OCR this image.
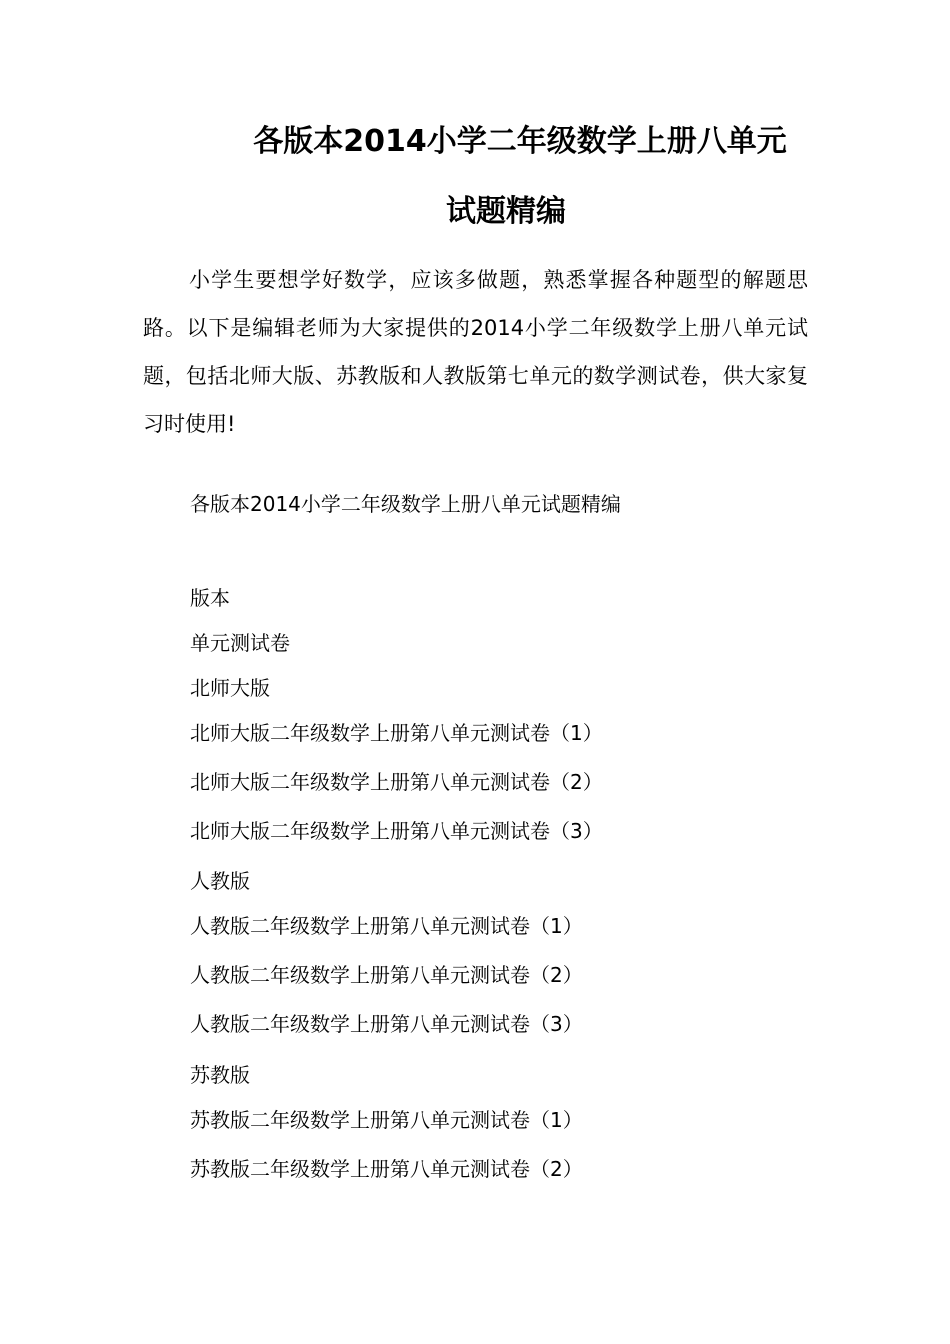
各版本2014小学二年级数学上册八单元
试题精编

小学生要想学好数学，应该多做题，熟悉掌握各种题型的解题思路。以下是编辑老师为大家提供的2014小学二年级数学上册八单元试题，包括北师大版、苏教版和人教版第七单元的数学测试卷，供大家复习时使用!

各版本2014小学二年级数学上册八单元试题精编
版本
单元测试卷
北师大版
北师大版二年级数学上册第八单元测试卷（1）
北师大版二年级数学上册第八单元测试卷（2）
北师大版二年级数学上册第八单元测试卷（3）
人教版
人教版二年级数学上册第八单元测试卷（1）
人教版二年级数学上册第八单元测试卷（2）
人教版二年级数学上册第八单元测试卷（3）
苏教版
苏教版二年级数学上册第八单元测试卷（1）
苏教版二年级数学上册第八单元测试卷（2）
